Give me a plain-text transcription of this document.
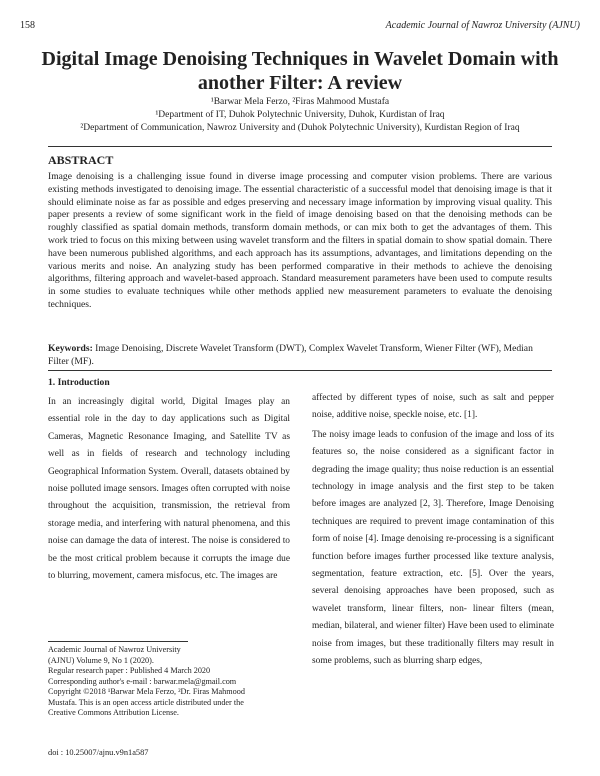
158	Academic Journal of Nawroz University (AJNU)
Digital Image Denoising Techniques in Wavelet Domain with another Filter: A review
¹Barwar Mela Ferzo, ²Firas Mahmood Mustafa
¹Department of IT, Duhok Polytechnic University, Duhok, Kurdistan of Iraq
²Department of Communication, Nawroz University and (Duhok Polytechnic University), Kurdistan Region of Iraq
ABSTRACT

Image denoising is a challenging issue found in diverse image processing and computer vision problems. There are various existing methods investigated to denoising image. The essential characteristic of a successful model that denoising image is that it should eliminate noise as far as possible and edges preserving and necessary image information by improving visual quality. This paper presents a review of some significant work in the field of image denoising based on that the denoising methods can be roughly classified as spatial domain methods, transform domain methods, or can mix both to get the advantages of them. This work tried to focus on this mixing between using wavelet transform and the filters in spatial domain to show spatial domain. There have been numerous published algorithms, and each approach has its assumptions, advantages, and limitations depending on the various merits and noise. An analyzing study has been performed comparative in their methods to achieve the denoising algorithms, filtering approach and wavelet-based approach. Standard measurement parameters have been used to compute results in some studies to evaluate techniques while other methods applied new measurement parameters to evaluate the denoising techniques.

Keywords: Image Denoising, Discrete Wavelet Transform (DWT), Complex Wavelet Transform, Wiener Filter (WF), Median Filter (MF).
1. Introduction

In an increasingly digital world, Digital Images play an essential role in the day to day applications such as Digital Cameras, Magnetic Resonance Imaging, and Satellite TV as well as in fields of research and technology including Geographical Information System. Overall, datasets obtained by noise polluted image sensors. Images often corrupted with noise throughout the acquisition, transmission, the retrieval from storage media, and interfering with natural phenomena, and this noise can damage the data of interest. The noise is considered to be the most critical problem because it corrupts the image due to blurring, movement, camera misfocus, etc. The images are

affected by different types of noise, such as salt and pepper noise, additive noise, speckle noise, etc. [1].

The noisy image leads to confusion of the image and loss of its features so, the noise considered as a significant factor in degrading the image quality; thus noise reduction is an essential technology in image analysis and the first step to be taken before images are analyzed [2, 3]. Therefore, Image Denoising techniques are required to prevent image contamination of this form of noise [4]. Image denoising re-processing is a significant function before images further processed like texture analysis, segmentation, feature extraction, etc. [5]. Over the years, several denoising approaches have been proposed, such as wavelet transform, linear filters, non- linear filters (mean, median, bilateral, and wiener filter) Have been used to eliminate noise from images, but these traditionally filters may result in some problems, such as blurring sharp edges,

Academic Journal of Nawroz University
(AJNU) Volume 9, No 1 (2020).
Regular research paper : Published 4 March 2020
Corresponding author's e-mail : barwar.mela@gmail.com
Copyright ©2018 ¹Barwar Mela Ferzo, ²Dr. Firas Mahmood
Mustafa. This is an open access article distributed under the
Creative Commons Attribution License.
doi : 10.25007/ajnu.v9n1a587
